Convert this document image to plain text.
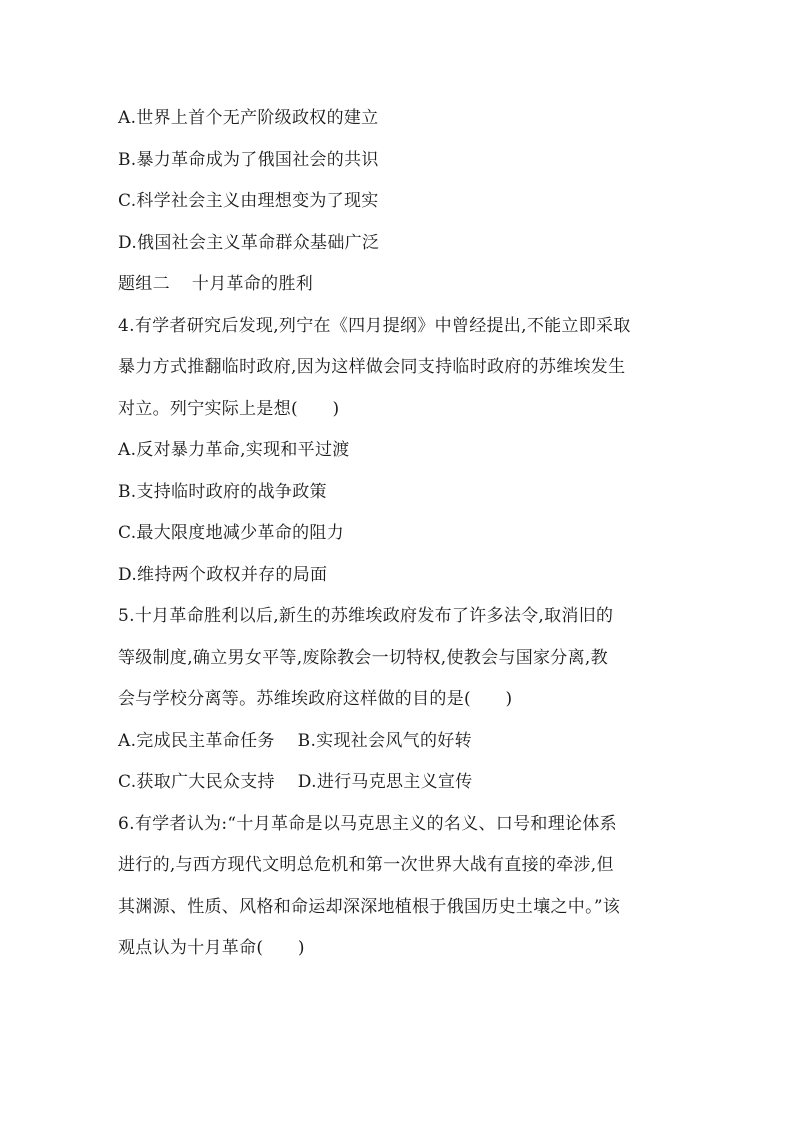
A.世界上首个无产阶级政权的建立
B.暴力革命成为了俄国社会的共识
C.科学社会主义由理想变为了现实
D.俄国社会主义革命群众基础广泛
题组二 十月革命的胜利
4.有学者研究后发现,列宁在《四月提纲》中曾经提出,不能立即采取
暴力方式推翻临时政府,因为这样做会同支持临时政府的苏维埃发生
对立。列宁实际上是想(　　)
A.反对暴力革命,实现和平过渡
B.支持临时政府的战争政策
C.最大限度地减少革命的阻力
D.维持两个政权并存的局面
5.十月革命胜利以后,新生的苏维埃政府发布了许多法令,取消旧的
等级制度,确立男女平等,废除教会一切特权,使教会与国家分离,教
会与学校分离等。苏维埃政府这样做的目的是(　　)
A.完成民主革命任务　 B.实现社会风气的好转
C.获取广大民众支持　 D.进行马克思主义宣传
6.有学者认为:“十月革命是以马克思主义的名义、口号和理论体系
进行的,与西方现代文明总危机和第一次世界大战有直接的牵涉,但
其渊源、性质、风格和命运却深深地植根于俄国历史土壤之中。”该
观点认为十月革命(　　)
